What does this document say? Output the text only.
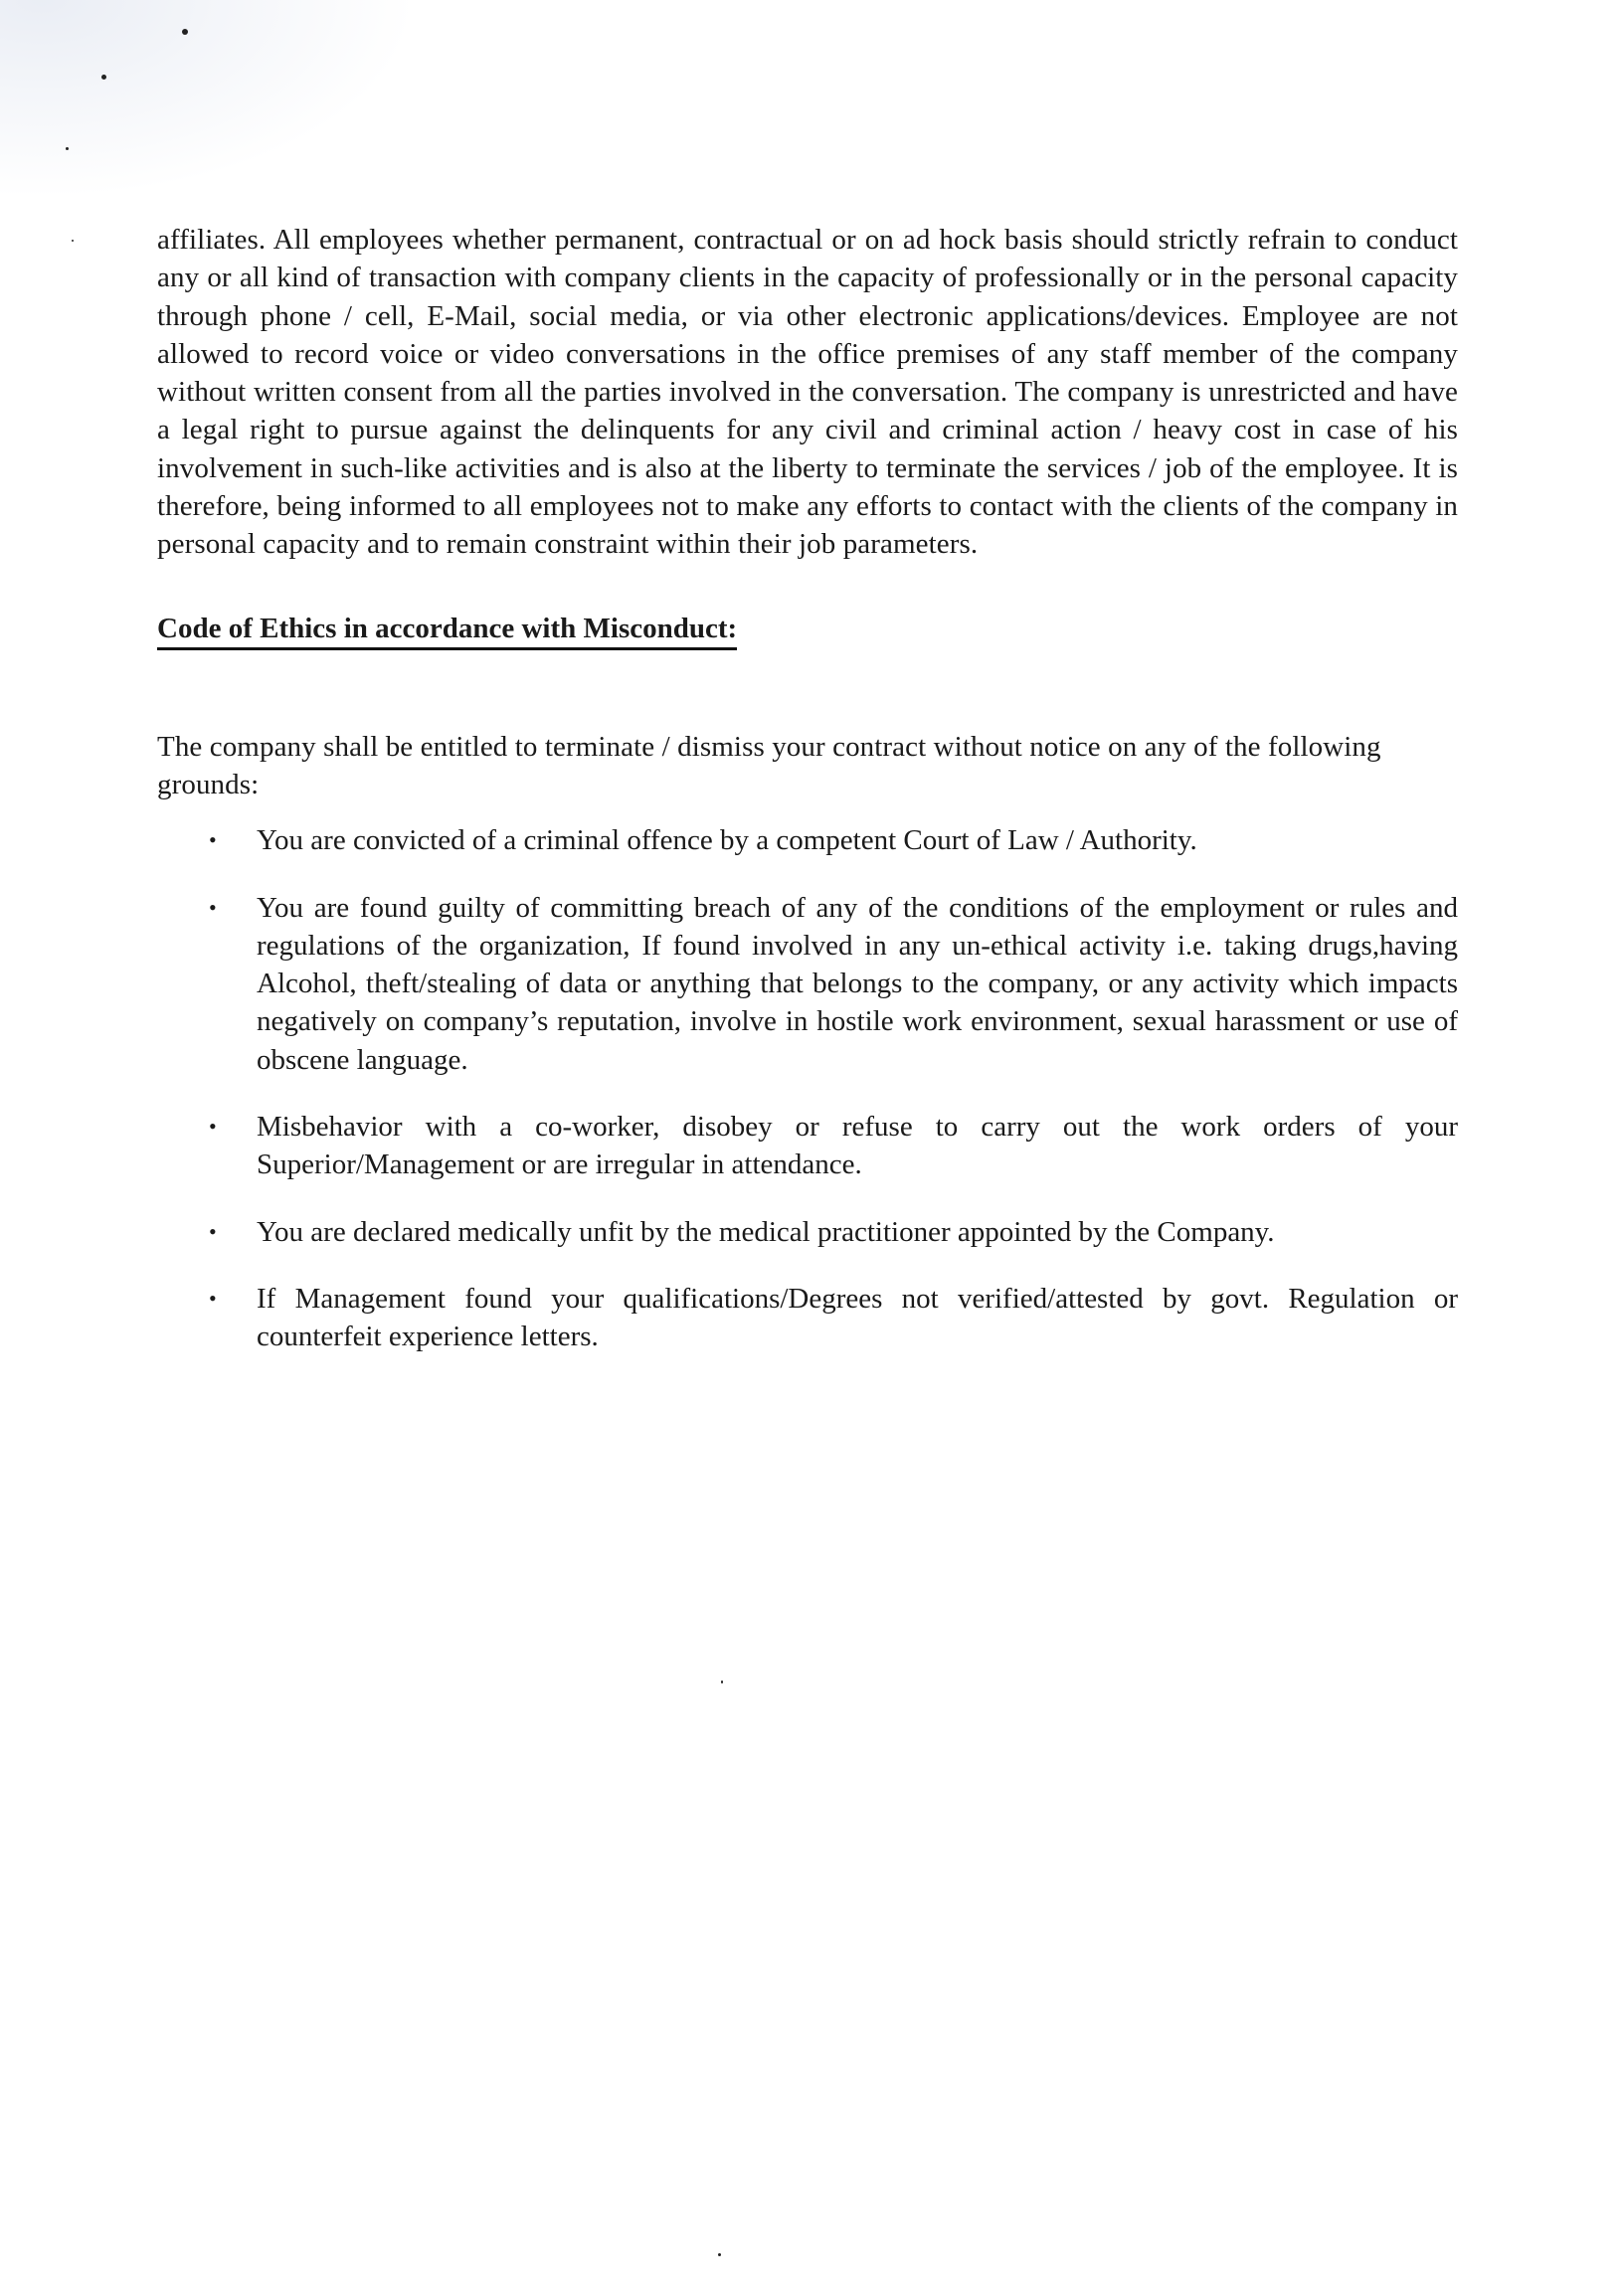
affiliates. All employees whether permanent, contractual or on ad hock basis should strictly refrain to conduct any or all kind of transaction with company clients in the capacity of professionally or in the personal capacity through phone / cell, E-Mail, social media, or via other electronic applications/devices. Employee are not allowed to record voice or video conversations in the office premises of any staff member of the company without written consent from all the parties involved in the conversation. The company is unrestricted and have a legal right to pursue against the delinquents for any civil and criminal action / heavy cost in case of his involvement in such-like activities and is also at the liberty to terminate the services / job of the employee. It is therefore, being informed to all employees not to make any efforts to contact with the clients of the company in personal capacity and to remain constraint within their job parameters.

Code of Ethics in accordance with Misconduct:

The company shall be entitled to terminate / dismiss your contract without notice on any of the following grounds:

• You are convicted of a criminal offence by a competent Court of Law / Authority.
• You are found guilty of committing breach of any of the conditions of the employment or rules and regulations of the organization, If found involved in any un-ethical activity i.e. taking drugs,having Alcohol, theft/stealing of data or anything that belongs to the company, or any activity which impacts negatively on company’s reputation, involve in hostile work environment, sexual harassment or use of obscene language.
• Misbehavior with a co-worker, disobey or refuse to carry out the work orders of your Superior/Management or are irregular in attendance.
• You are declared medically unfit by the medical practitioner appointed by the Company.
• If Management found your qualifications/Degrees not verified/attested by govt. Regulation or counterfeit experience letters.
